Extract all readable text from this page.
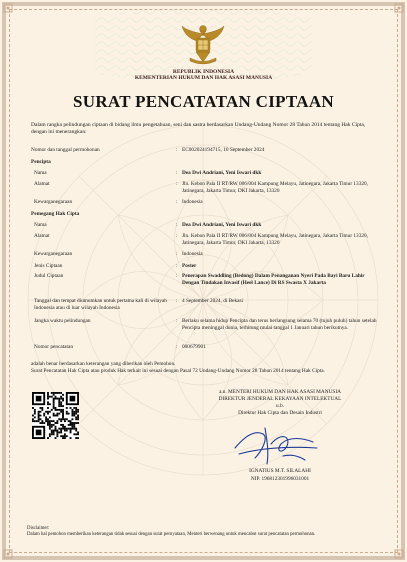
REPUBLIK INDONESIA
KEMENTERIAN HUKUM DAN HAK ASASI MANUSIA
SURAT PENCATATAN CIPTAAN
Dalam rangka pelindungan ciptaan di bidang ilmu pengetahuan, seni dan sastra berdasarkan Undang-Undang Nomor 28 Tahun 2014 tentang Hak Cipta, dengan ini menerangkan:
Nomor dan tanggal permohonan	: EC002024194715, 10 September 2024
Pencipta
Nama	: Dea Dwi Andriani, Yeni Iswari dkk
Alamat	: Jln. Kebon Pala II RT/RW 006/004 Kampung Melayu, Jatinegara, Jakarta Timur 13320, Jatinegara, Jakarta Timur, DKI Jakarta, 13320
Kewarganegaraan	: Indonesia
Pemegang Hak Cipta
Nama	: Dea Dwi Andriani, Yeni Iswari dkk
Alamat	: Jln. Kebon Pala II RT/RW 006/004 Kampung Melayu, Jatinegara, Jakarta Timur 13320, Jatinegara, Jakarta Timur, DKI Jakarta, 13320
Kewarganegaraan	: Indonesia
Jenis Ciptaan	: Poster
Judul Ciptaan	: Penerapan Swaddling (Bedong) Dalam Penanganan Nyeri Pada Bayi Baru Lahir Dengan Tindakan Invasif (Heel Lance) Di RS Swasta X Jakarta
Tanggal dan tempat diumumkan untuk pertama kali di wilayah Indonesia atau di luar wilayah Indonesia
: 4 September 2024, di Bekasi
Jangka waktu pelindungan	: Berlaku selama hidup Pencipta dan terus berlangsung selama 70 (tujuh puluh) tahun setelah Pencipta meninggal dunia, terhitung mulai tanggal 1 Januari tahun berikutnya.
Nomor pencatatan	: 000679901
adalah benar berdasarkan keterangan yang diberikan oleh Pemohon.
Surat Pencatatan Hak Cipta atau produk Hak terkait ini sesuai dengan Pasal 72 Undang-Undang Nomor 28 Tahun 2014 tentang Hak Cipta.
a.n. MENTERI HUKUM DAN HAK ASASI MANUSIA
DIREKTUR JENDERAL KEKAYAAN INTELEKTUAL
u.b.
Direktur Hak Cipta dan Desain Industri
IGNATIUS M.T. SILALAHI
NIP. 196812301996031001
Disclaimer:
Dalam hal pemohon memberikan keterangan tidak sesuai dengan surat pernyataan, Menteri berwenang untuk mencabut surat pencatatan permohonan.
